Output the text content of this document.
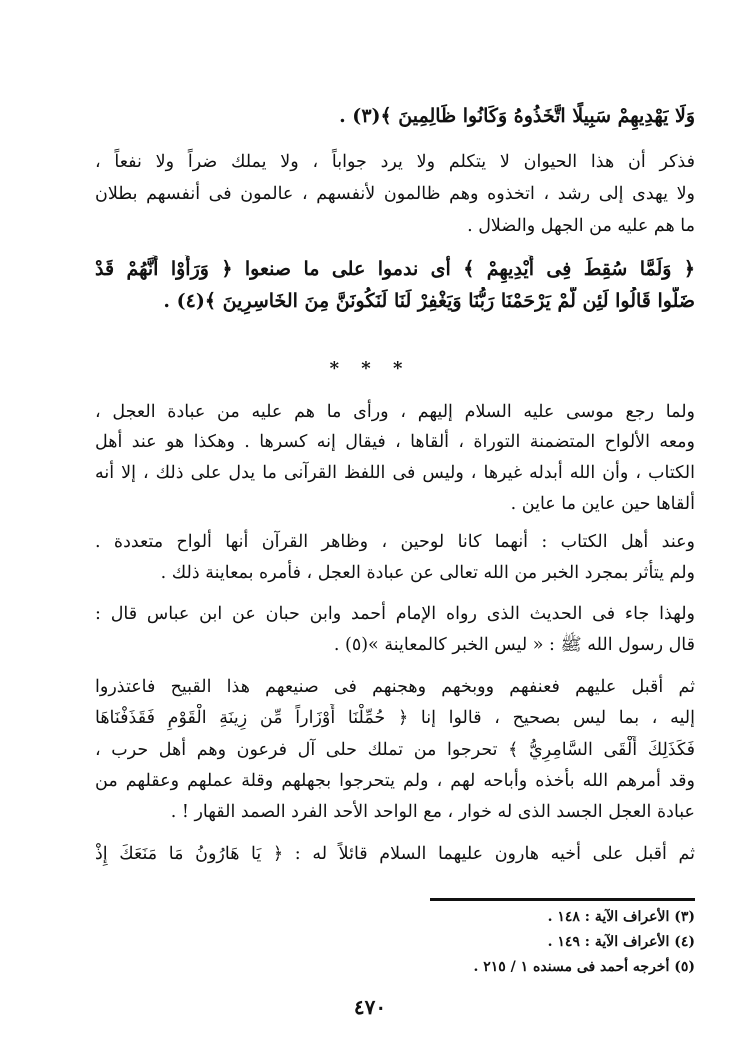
وَلَا يَهْدِيهِمْ سَبِيلًا اتَّخَذُوهُ وَكَانُوا ظَالِمِينَ ﴾(٣) .
فذكر أن هذا الحيوان لا يتكلم ولا يرد جواباً ، ولا يملك ضراً ولا نفعاً ،
ولا يهدى إلى رشد ، اتخذوه وهم ظالمون لأنفسهم ، عالمون فى أنفسهم بطلان
ما هم عليه من الجهل والضلال .
﴿ وَلَمَّا سُقِطَ فِى أَيْدِيهِمْ ﴾ أى ندموا على ما صنعوا ﴿ وَرَأَوْا أَنَّهُمْ قَدْ
ضَلُّوا قَالُوا لَئِن لَّمْ يَرْحَمْنَا رَبُّنَا وَيَغْفِرْ لَنَا لَنَكُونَنَّ مِنَ الخَاسِرِينَ ﴾(٤) .
* * *
ولما رجع موسى عليه السلام إليهم ، ورأى ما هم عليه من عبادة العجل ،
ومعه الألواح المتضمنة التوراة ، ألقاها ، فيقال إنه كسرها . وهكذا هو عند أهل
الكتاب ، وأن الله أبدله غيرها ، وليس فى اللفظ القرآنى ما يدل على ذلك ، إلا أنه
ألقاها حين عاين ما عاين .
وعند أهل الكتاب : أنهما كانا لوحين ، وظاهر القرآن أنها ألواح متعددة .
ولم يتأثر بمجرد الخبر من الله تعالى عن عبادة العجل ، فأمره بمعاينة ذلك .
ولهذا جاء فى الحديث الذى رواه الإمام أحمد وابن حبان عن ابن عباس قال :
قال رسول الله ﷺ : « ليس الخبر كالمعاينة »(٥) .
ثم أقبل عليهم فعنفهم ووبخهم وهجنهم فى صنيعهم هذا القبيح فاعتذروا
إليه ، بما ليس بصحيح ، قالوا إنا ﴿ حُمِّلْنَا أَوْزَاراً مِّن زِينَةِ الْقَوْمِ فَقَذَفْنَاهَا
فَكَذَلِكَ أَلْقَى السَّامِرِيُّ ﴾ تحرجوا من تملك حلى آل فرعون وهم أهل حرب ،
وقد أمرهم الله بأخذه وأباحه لهم ، ولم يتحرجوا بجهلهم وقلة عملهم وعقلهم من
عبادة العجل الجسد الذى له خوار ، مع الواحد الأحد الفرد الصمد القهار ! .
ثم أقبل على أخيه هارون عليهما السلام قائلاً له : ﴿ يَا هَارُونُ مَا مَنَعَكَ إِذْ
(٣) الأعراف الآية : ١٤٨ .
(٤) الأعراف الآية : ١٤٩ .
(٥) أخرجه أحمد فى مسنده ١ / ٢١٥ .
٤٧٠
